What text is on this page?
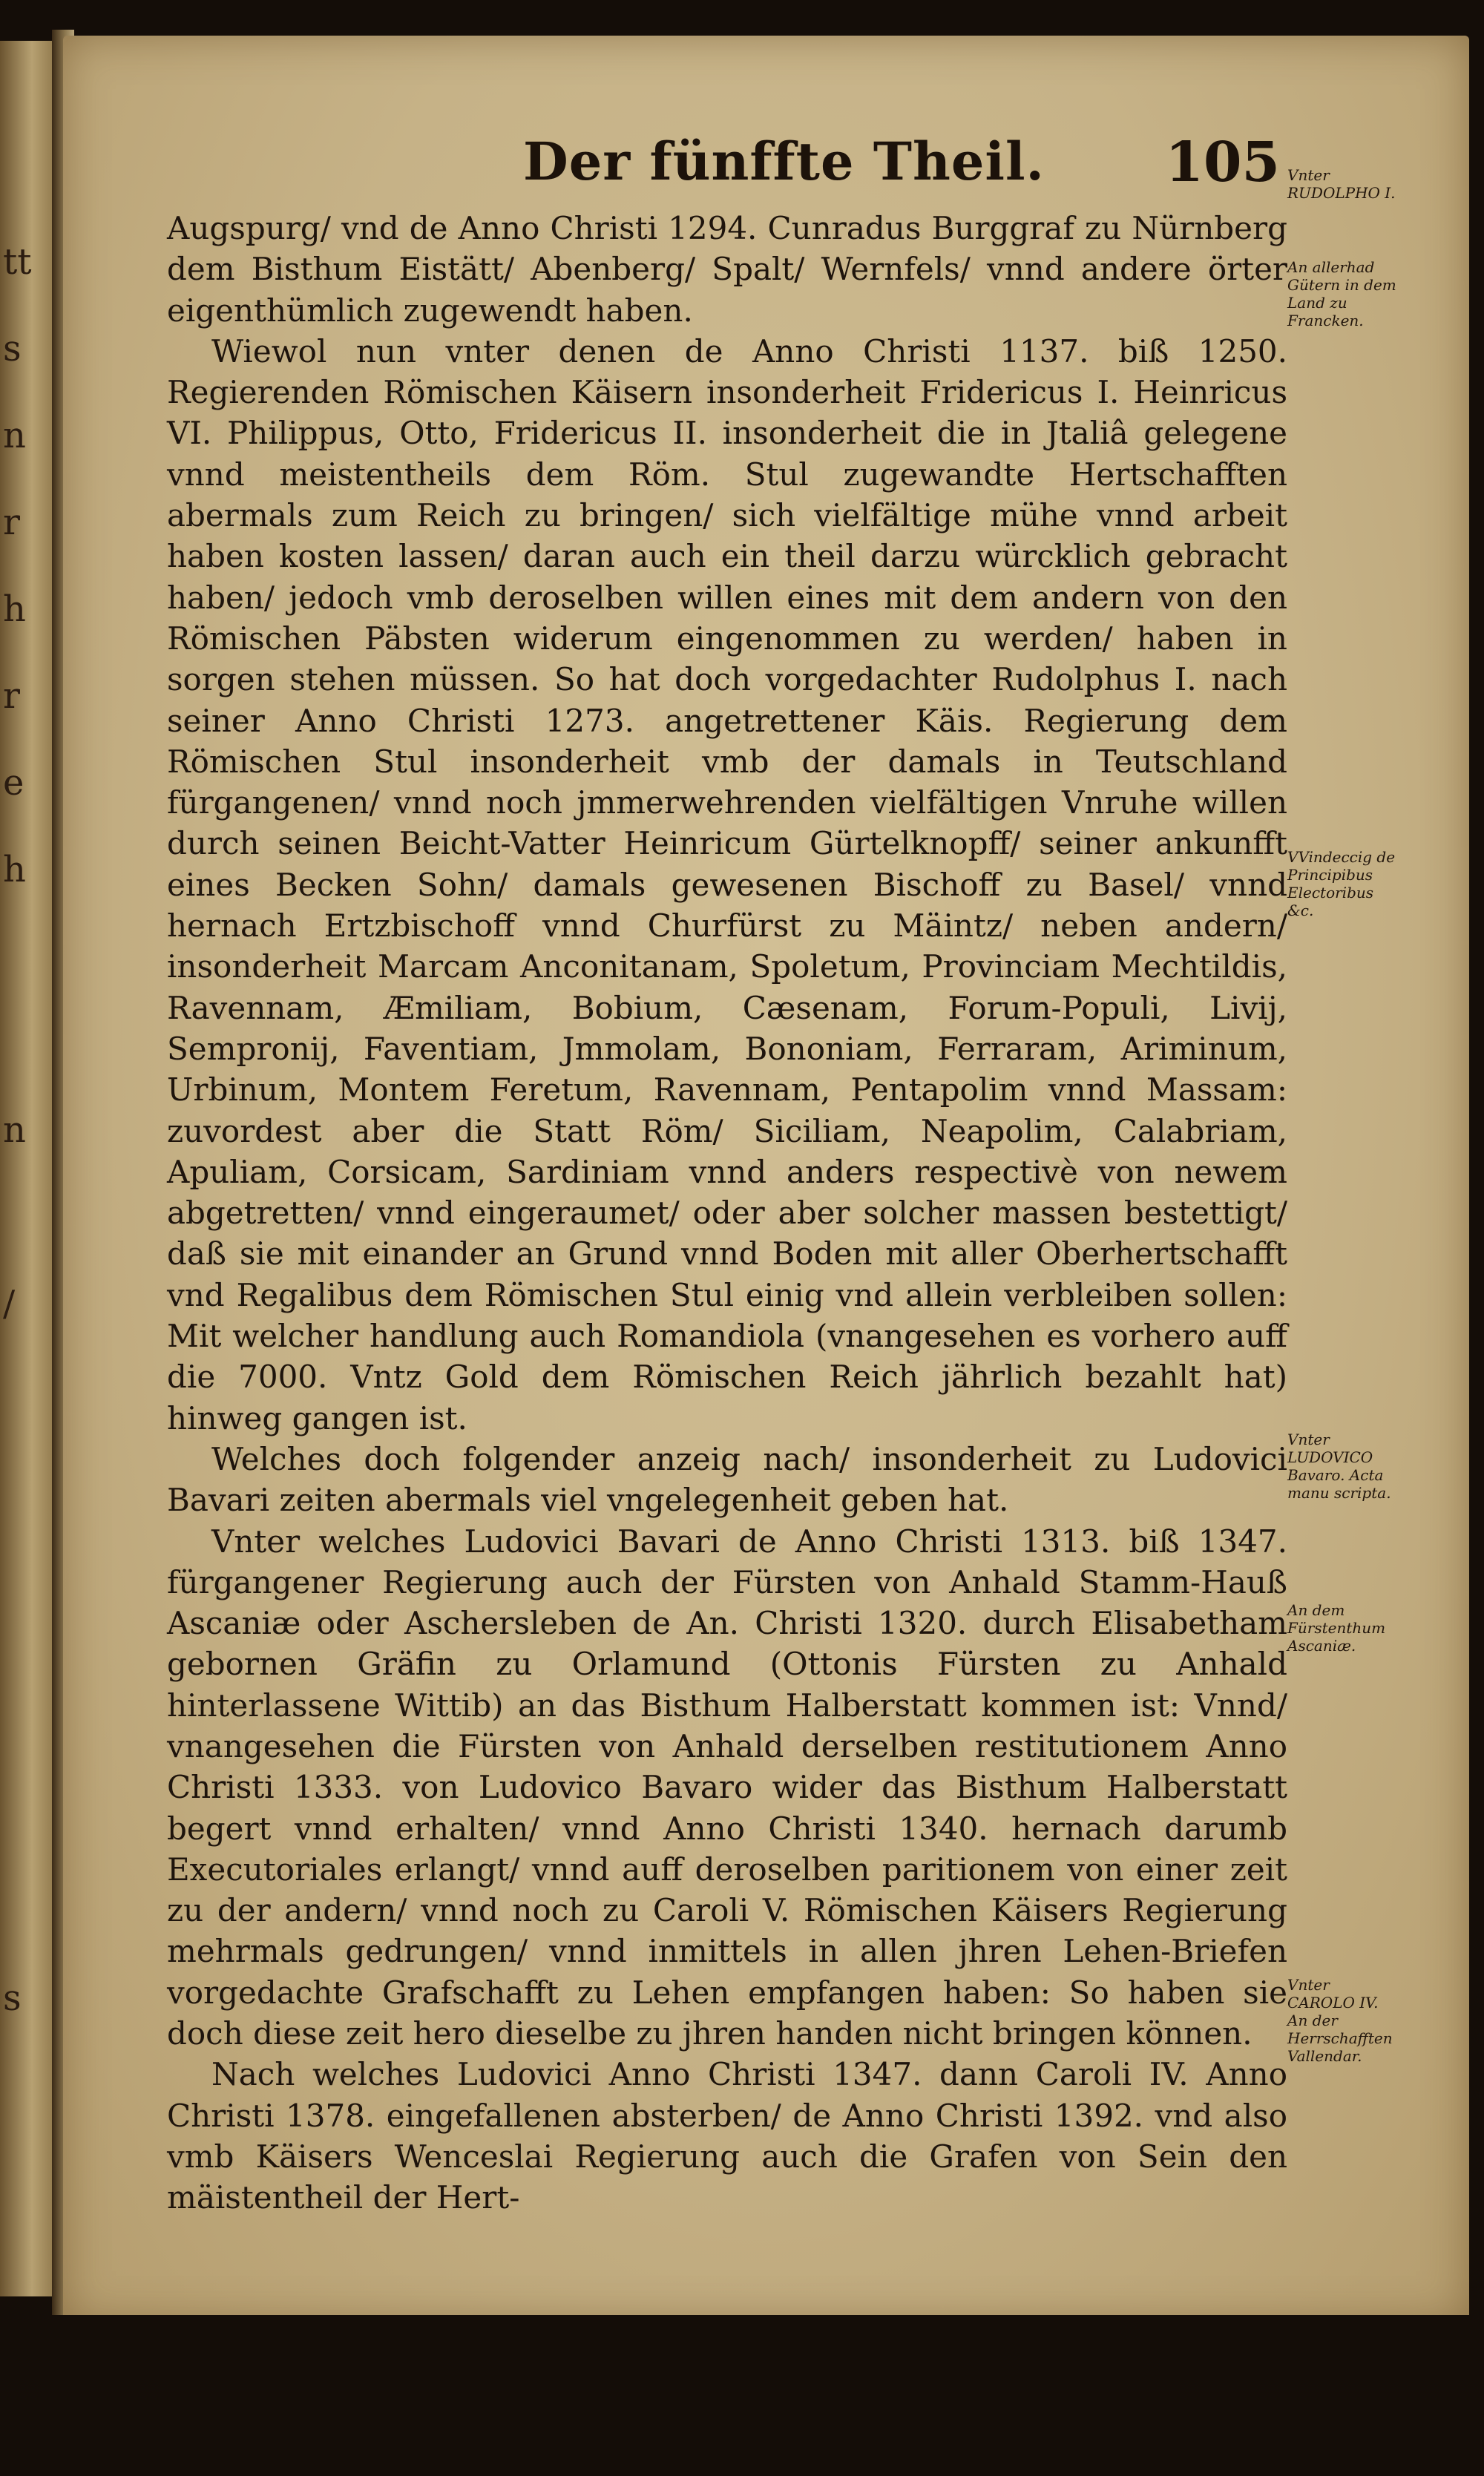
tt
s
n
r
h
r
e
h

n

/

s

Der fünffte Theil. 105

Augspurg/ vnd de Anno Christi 1294. Cunradus Burggraf zu Nürnberg dem Bisthum Eistätt/ Abenberg/ Spalt/ Wernfels/ vnnd andere örter eigenthümlich zugewendt haben.

Wiewol nun vnter denen de Anno Christi 1137. biß 1250. Regierenden Römischen Käisern insonderheit Fridericus I. Heinricus VI. Philippus, Otto, Fridericus II. insonderheit die in Jtaliâ gelegene vnnd meistentheils dem Röm. Stul zugewandte Hertschafften abermals zum Reich zu bringen/ sich vielfältige mühe vnnd arbeit haben kosten lassen/ daran auch ein theil darzu würcklich gebracht haben/ jedoch vmb deroselben willen eines mit dem andern von den Römischen Päbsten widerum eingenommen zu werden/ haben in sorgen stehen müssen. So hat doch vorgedachter Rudolphus I. nach seiner Anno Christi 1273. angetrettener Käis. Regierung dem Römischen Stul insonderheit vmb der damals in Teutschland fürgangenen/ vnnd noch jmmerwehrenden vielfältigen Vnruhe willen durch seinen Beicht-Vatter Heinricum Gürtelknopff/ seiner ankunfft eines Becken Sohn/ damals gewesenen Bischoff zu Basel/ vnnd hernach Ertzbischoff vnnd Churfürst zu Mäintz/ neben andern/ insonderheit Marcam Anconitanam, Spoletum, Provinciam Mechtildis, Ravennam, Æmiliam, Bobium, Cæsenam, Forum-Populi, Livij, Sempronij, Faventiam, Jmmolam, Bononiam, Ferraram, Ariminum, Urbinum, Montem Feretum, Ravennam, Pentapolim vnnd Massam: zuvordest aber die Statt Röm/ Siciliam, Neapolim, Calabriam, Apuliam, Corsicam, Sardiniam vnnd anders respectivè von newem abgetretten/ vnnd eingeraumet/ oder aber solcher massen bestettigt/ daß sie mit einander an Grund vnnd Boden mit aller Oberhertschafft vnd Regalibus dem Römischen Stul einig vnd allein verbleiben sollen: Mit welcher handlung auch Romandiola (vnangesehen es vorhero auff die 7000. Vntz Gold dem Römischen Reich jährlich bezahlt hat) hinweg gangen ist.

Welches doch folgender anzeig nach/ insonderheit zu Ludovici Bavari zeiten abermals viel vngelegenheit geben hat.

Vnter welches Ludovici Bavari de Anno Christi 1313. biß 1347. fürgangener Regierung auch der Fürsten von Anhald Stamm-Hauß Ascaniæ oder Aschersleben de An. Christi 1320. durch Elisabetham gebornen Gräfin zu Orlamund (Ottonis Fürsten zu Anhald hinterlassene Wittib) an das Bisthum Halberstatt kommen ist: Vnnd/ vnangesehen die Fürsten von Anhald derselben restitutionem Anno Christi 1333. von Ludovico Bavaro wider das Bisthum Halberstatt begert vnnd erhalten/ vnnd Anno Christi 1340. hernach darumb Executoriales erlangt/ vnnd auff deroselben paritionem von einer zeit zu der andern/ vnnd noch zu Caroli V. Römischen Käisers Regierung mehrmals gedrungen/ vnnd inmittels in allen jhren Lehen-Briefen vorgedachte Grafschafft zu Lehen empfangen haben: So haben sie doch diese zeit hero dieselbe zu jhren handen nicht bringen können.

Nach welches Ludovici Anno Christi 1347. dann Caroli IV. Anno Christi 1378. eingefallenen absterben/ de Anno Christi 1392. vnd also vmb Käisers Wenceslai Regierung auch die Grafen von Sein den mäistentheil der Hert-

Vnter RUDOLPHO I.
An allerhad Gütern in dem Land zu Francken.
VVindeccig de Principibus Electoribus &c.
Vnter LUDOVICO Bavaro. Acta manu scripta.
An dem Fürstenthum Ascaniæ.
Vnter CAROLO IV. An der Herrschafften Vallendar.
